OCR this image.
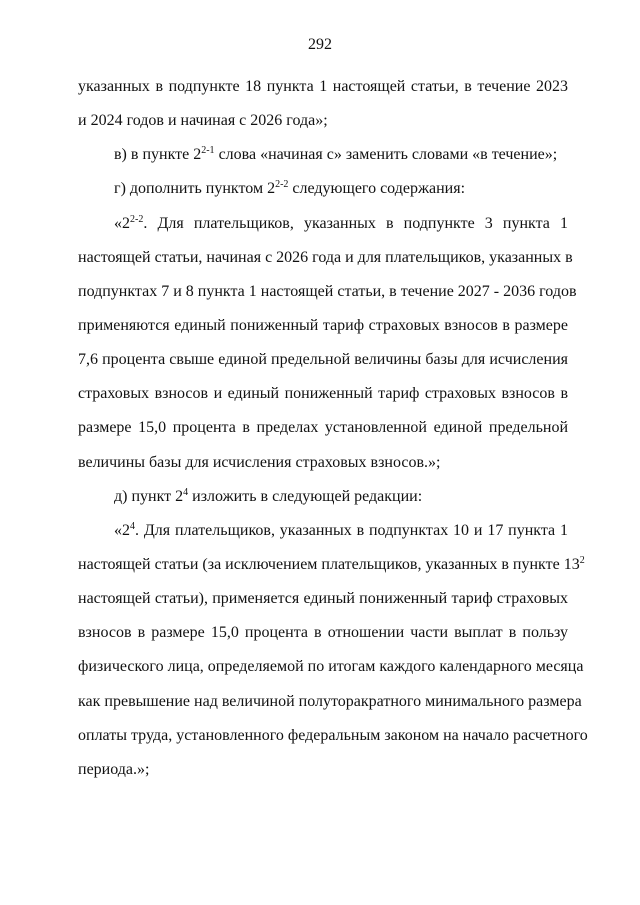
292
указанных в подпункте 18 пункта 1 настоящей статьи, в течение 2023
и 2024 годов и начиная с 2026 года»;
в) в пункте 2$^{2-1}$ слова «начиная с» заменить словами «в течение»;
г) дополнить пунктом 2$^{2-2}$ следующего содержания:
«2$^{2-2}$. Для плательщиков, указанных в подпункте 3 пункта 1
настоящей статьи, начиная с 2026 года и для плательщиков, указанных в
подпунктах 7 и 8 пункта 1 настоящей статьи, в течение 2027 - 2036 годов
применяются единый пониженный тариф страховых взносов в размере
7,6 процента свыше единой предельной величины базы для исчисления
страховых взносов и единый пониженный тариф страховых взносов в
размере 15,0 процента в пределах установленной единой предельной
величины базы для исчисления страховых взносов.»;
д) пункт $2^4$ изложить в следующей редакции:
«$2^4$. Для плательщиков, указанных в подпунктах 10 и 17 пункта 1
настоящей статьи (за исключением плательщиков, указанных в пункте $13^2$
настоящей статьи), применяется единый пониженный тариф страховых
взносов в размере 15,0 процента в отношении части выплат в пользу
физического лица, определяемой по итогам каждого календарного месяца
как превышение над величиной полуторакратного минимального размера
оплаты труда, установленного федеральным законом на начало расчетного
периода.»;
